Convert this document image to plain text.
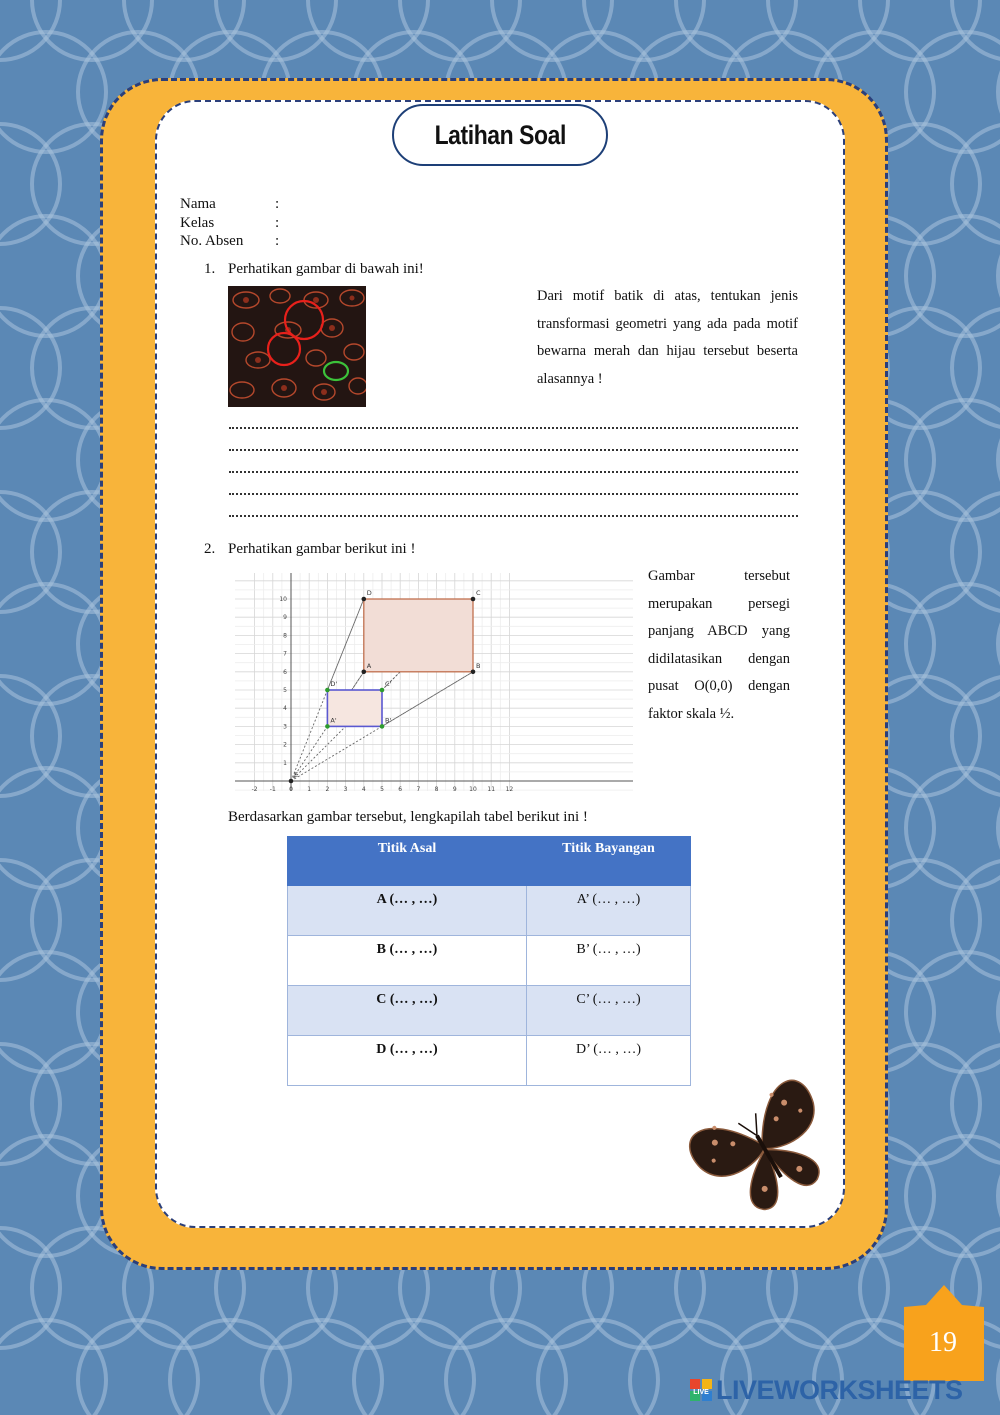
Latihan Soal
Nama	:
Kelas	:
No. Absen :
1. Perhatikan gambar di bawah ini!
Dari motif batik di atas, tentukan jenis transformasi geometri yang ada pada motif bewarna merah dan hijau tersebut beserta alasannya !
2. Perhatikan gambar berikut ini !
-2 -1 0 1 2 3 4 5 6 7 8 9 10 11 12
1
2
3
4
5
6
7
8
9
10
A	B
C
D
A'	B'
C'
D'
E
Gambar tersebut merupakan persegi panjang ABCD yang didilatasikan dengan pusat O(0,0) dengan faktor skala ½.
Berdasarkan gambar tersebut, lengkapilah tabel berikut ini !
Titik Asal	Titik Bayangan
A (… , …)	A’ (… , …)
B (… , …)	B’ (… , …)
C (… , …)	C’ (… , …)
D (… , …)	D’ (… , …)
19
LIVE LIVEWORKSHEETS
